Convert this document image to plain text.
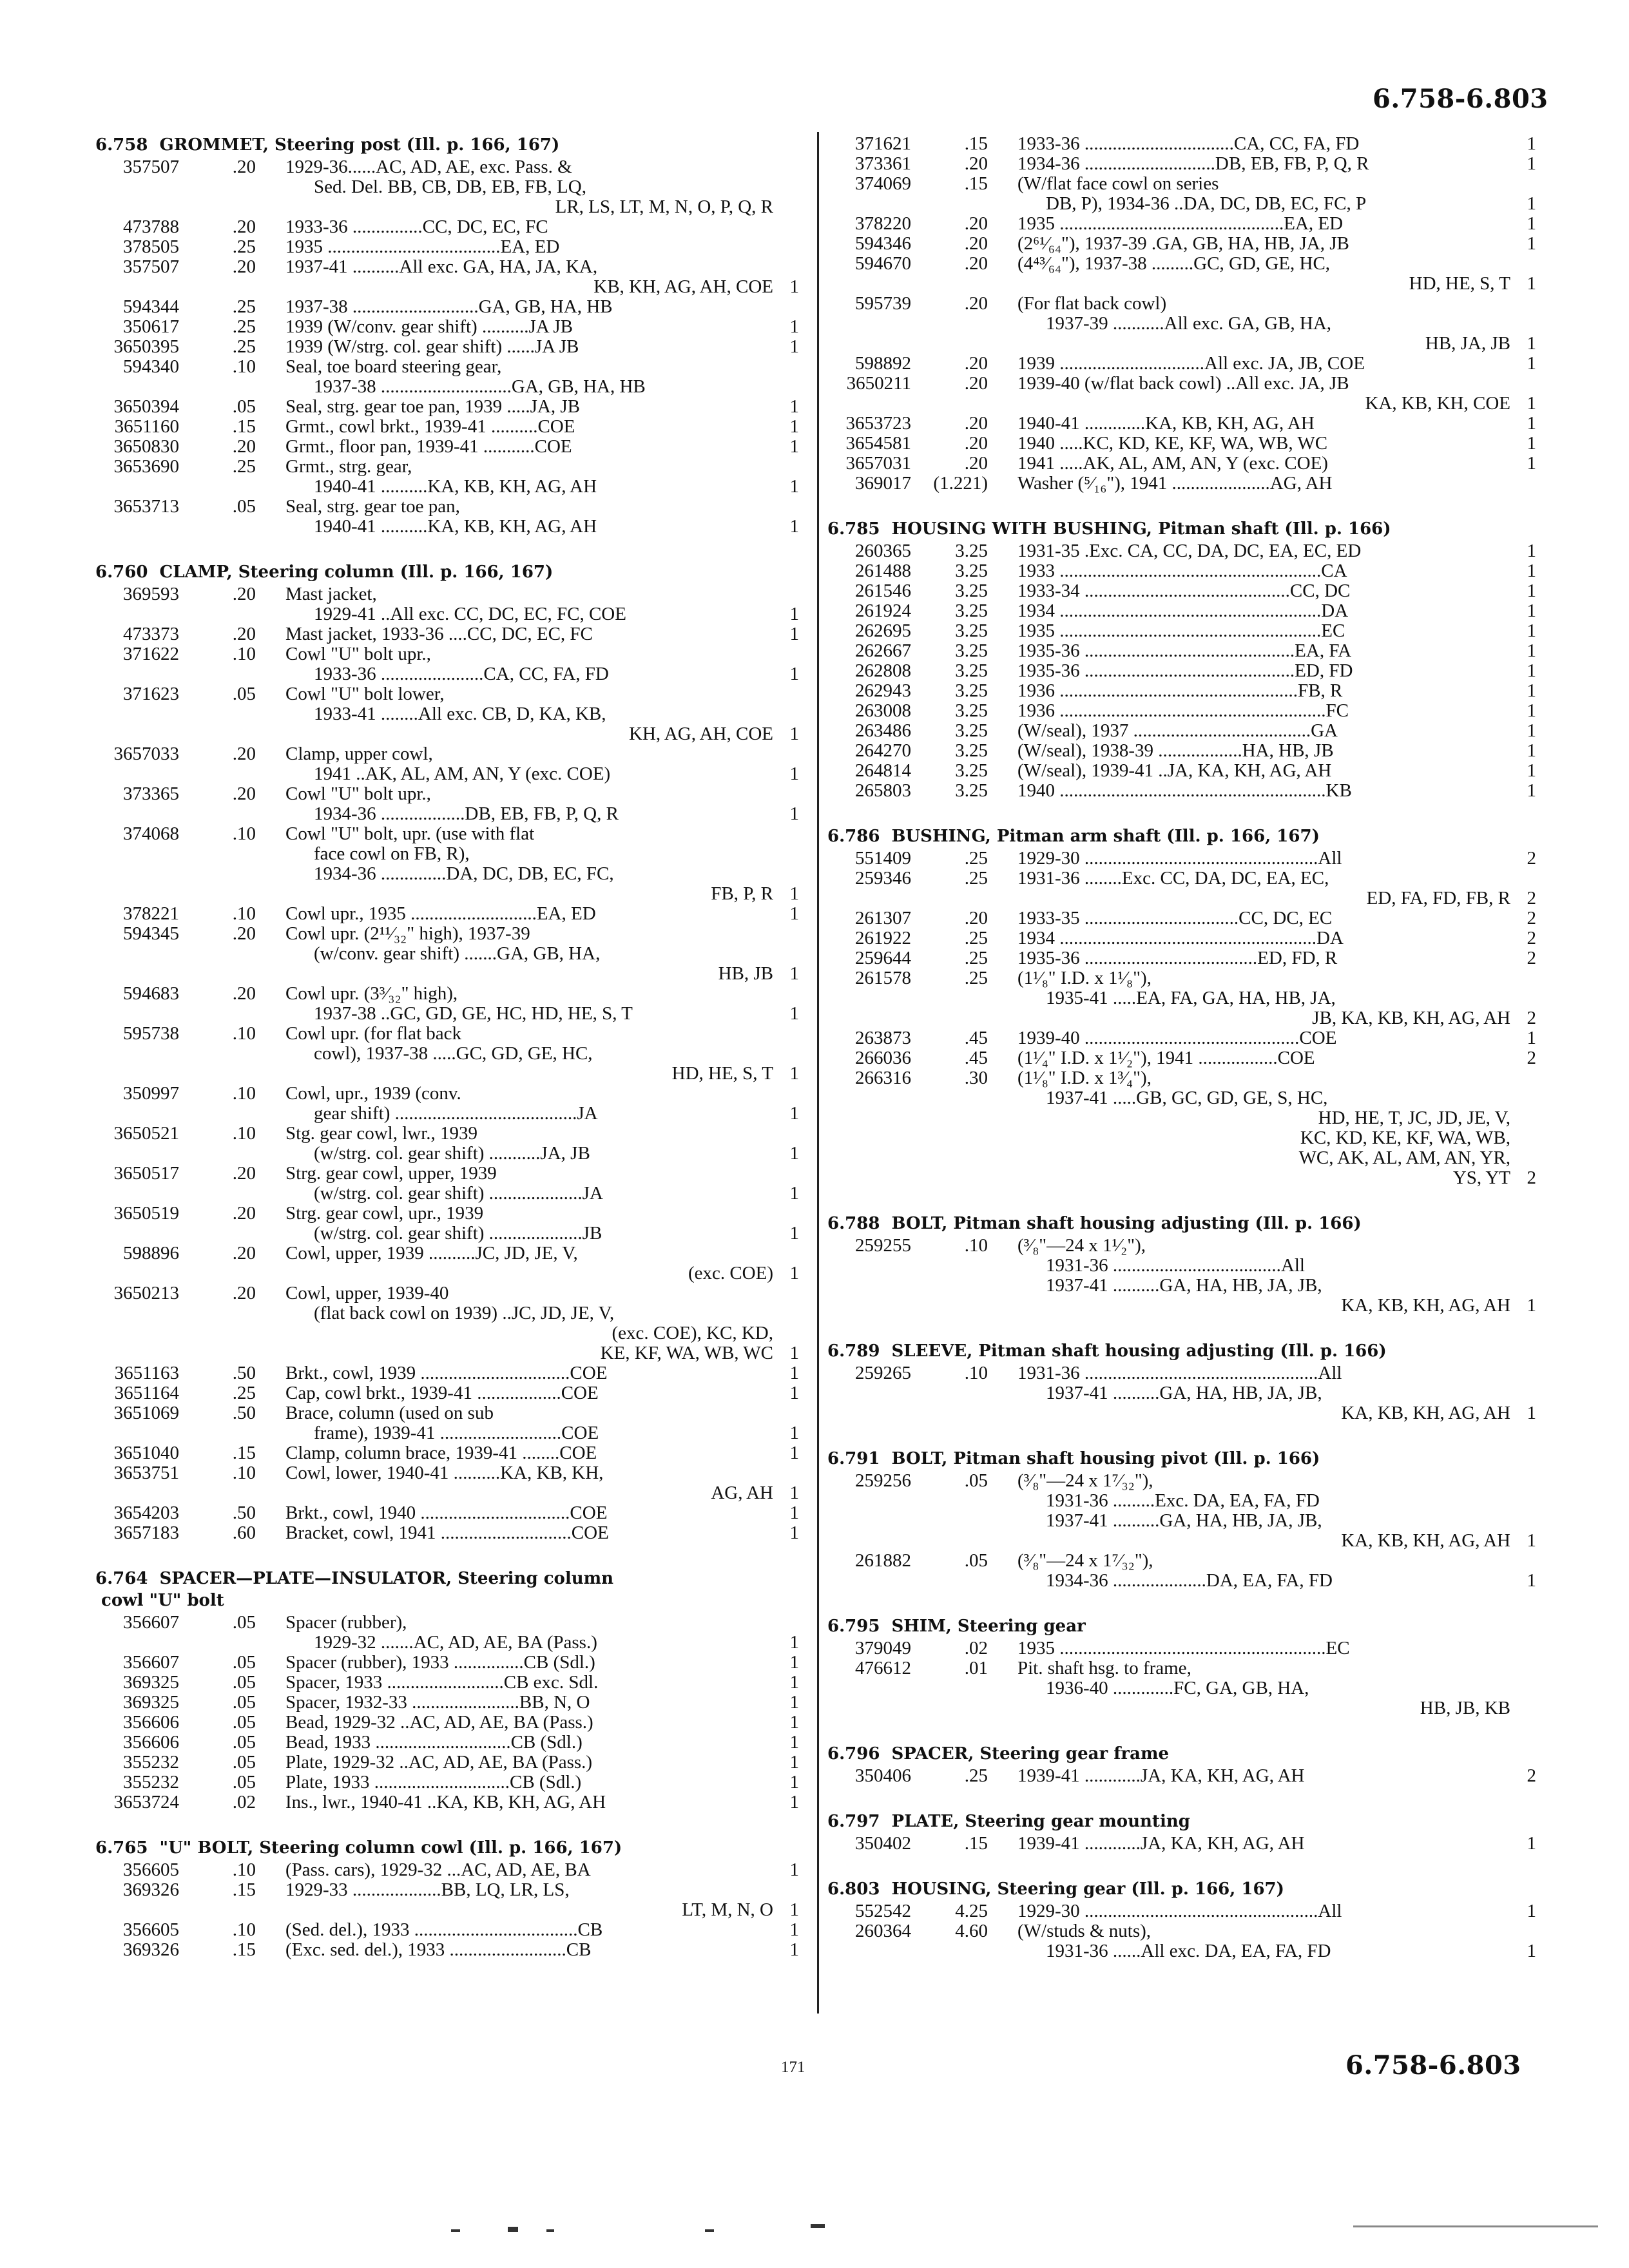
6.758-6.803
6.758  GROMMET, Steering post (Ill. p. 166, 167)
357507	.20	1929-36......AC, AD, AE, exc. Pass. &
Sed. Del. BB, CB, DB, EB, FB, LQ,
LR, LS, LT, M, N, O, P, Q, R
473788	.20	1933-36 ...............CC, DC, EC, FC
378505	.25	1935 .....................................EA, ED
357507	.20	1937-41 ..........All exc. GA, HA, JA, KA,
KB, KH, AG, AH, COE 1
594344	.25	1937-38 ...........................GA, GB, HA, HB
350617	.25	1939 (W/conv. gear shift) ..........JA JB	1
3650395	.25	1939 (W/strg. col. gear shift) ......JA JB	1
594340	.10	Seal, toe board steering gear,
1937-38 ............................GA, GB, HA, HB
3650394	.05	Seal, strg. gear toe pan, 1939 .....JA, JB	1
3651160	.15	Grmt., cowl brkt., 1939-41 ..........COE	1
3650830	.20	Grmt., floor pan, 1939-41 ...........COE	1
3653690	.25	Grmt., strg. gear,
1940-41 ..........KA, KB, KH, AG, AH	1
3653713	.05	Seal, strg. gear toe pan,
1940-41 ..........KA, KB, KH, AG, AH	1
6.760  CLAMP, Steering column (Ill. p. 166, 167)
369593	.20	Mast jacket,
1929-41 ..All exc. CC, DC, EC, FC, COE	1
473373	.20	Mast jacket, 1933-36 ....CC, DC, EC, FC	1
371622	.10	Cowl "U" bolt upr.,
1933-36 ......................CA, CC, FA, FD	1
371623	.05	Cowl "U" bolt lower,
1933-41 ........All exc. CB, D, KA, KB,
KH, AG, AH, COE 1
3657033	.20	Clamp, upper cowl,
1941 ..AK, AL, AM, AN, Y (exc. COE)	1
373365	.20	Cowl "U" bolt upr.,
1934-36 ..................DB, EB, FB, P, Q, R	1
374068	.10	Cowl "U" bolt, upr. (use with flat
face cowl on FB, R),
1934-36 ..............DA, DC, DB, EC, FC,
FB, P, R 1
378221	.10	Cowl upr., 1935 ...........................EA, ED	1
594345	.20	Cowl upr. (2¹¹⁄₃₂" high), 1937-39
(w/conv. gear shift) .......GA, GB, HA,
HB, JB 1
594683	.20	Cowl upr. (3³⁄₃₂" high),
1937-38 ..GC, GD, GE, HC, HD, HE, S, T	1
595738	.10	Cowl upr. (for flat back
cowl), 1937-38 .....GC, GD, GE, HC,
HD, HE, S, T 1
350997	.10	Cowl, upr., 1939 (conv.
gear shift) .......................................JA	1
3650521	.10	Stg. gear cowl, lwr., 1939
(w/strg. col. gear shift) ...........JA, JB	1
3650517	.20	Strg. gear cowl, upper, 1939
(w/strg. col. gear shift) ....................JA	1
3650519	.20	Strg. gear cowl, upr., 1939
(w/strg. col. gear shift) ....................JB	1
598896	.20	Cowl, upper, 1939 ..........JC, JD, JE, V,
(exc. COE) 1
3650213	.20	Cowl, upper, 1939-40
(flat back cowl on 1939) ..JC, JD, JE, V,
(exc. COE), KC, KD,
KE, KF, WA, WB, WC 1
3651163	.50	Brkt., cowl, 1939 ................................COE	1
3651164	.25	Cap, cowl brkt., 1939-41 ..................COE	1
3651069	.50	Brace, column (used on sub
frame), 1939-41 ..........................COE	1
3651040	.15	Clamp, column brace, 1939-41 ........COE	1
3653751	.10	Cowl, lower, 1940-41 ..........KA, KB, KH,
AG, AH 1
3654203	.50	Brkt., cowl, 1940 ................................COE	1
3657183	.60	Bracket, cowl, 1941 ............................COE	1
6.764  SPACER—PLATE—INSULATOR, Steering column
cowl "U" bolt
356607	.05	Spacer (rubber),
1929-32 .......AC, AD, AE, BA (Pass.)	1
356607	.05	Spacer (rubber), 1933 ...............CB (Sdl.)	1
369325	.05	Spacer, 1933 .........................CB exc. Sdl.	1
369325	.05	Spacer, 1932-33 .......................BB, N, O	1
356606	.05	Bead, 1929-32 ..AC, AD, AE, BA (Pass.)	1
356606	.05	Bead, 1933 .............................CB (Sdl.)	1
355232	.05	Plate, 1929-32 ..AC, AD, AE, BA (Pass.)	1
355232	.05	Plate, 1933 .............................CB (Sdl.)	1
3653724	.02	Ins., lwr., 1940-41 ..KA, KB, KH, AG, AH	1
6.765  "U" BOLT, Steering column cowl (Ill. p. 166, 167)
356605	.10	(Pass. cars), 1929-32 ...AC, AD, AE, BA	1
369326	.15	1929-33 ...................BB, LQ, LR, LS,
LT, M, N, O 1
356605	.10	(Sed. del.), 1933 ...................................CB	1
369326	.15	(Exc. sed. del.), 1933 .........................CB	1
371621	.15	1933-36 ................................CA, CC, FA, FD	1
373361	.20	1934-36 ............................DB, EB, FB, P, Q, R	1
374069	.15	(W/flat face cowl on series
DB, P), 1934-36 ..DA, DC, DB, EC, FC, P	1
378220	.20	1935 ................................................EA, ED	1
594346	.20	(2⁶¹⁄₆₄"), 1937-39 .GA, GB, HA, HB, JA, JB	1
594670	.20	(4⁴³⁄₆₄"), 1937-38 .........GC, GD, GE, HC,
HD, HE, S, T 1
595739	.20	(For flat back cowl)
1937-39 ...........All exc. GA, GB, HA,
HB, JA, JB 1
598892	.20	1939 ...............................All exc. JA, JB, COE	1
3650211	.20	1939-40 (w/flat back cowl) ..All exc. JA, JB
KA, KB, KH, COE 1
3653723	.20	1940-41 .............KA, KB, KH, AG, AH	1
3654581	.20	1940 .....KC, KD, KE, KF, WA, WB, WC	1
3657031	.20	1941 .....AK, AL, AM, AN, Y (exc. COE)	1
369017	(1.221)	Washer (⁵⁄₁₆"), 1941 .....................AG, AH
6.785  HOUSING WITH BUSHING, Pitman shaft (Ill. p. 166)
260365	3.25	1931-35 .Exc. CA, CC, DA, DC, EA, EC, ED	1
261488	3.25	1933 ........................................................CA	1
261546	3.25	1933-34 ............................................CC, DC	1
261924	3.25	1934 ........................................................DA	1
262695	3.25	1935 ........................................................EC	1
262667	3.25	1935-36 .............................................EA, FA	1
262808	3.25	1935-36 .............................................ED, FD	1
262943	3.25	1936 ...................................................FB, R	1
263008	3.25	1936 .........................................................FC	1
263486	3.25	(W/seal), 1937 ......................................GA	1
264270	3.25	(W/seal), 1938-39 ..................HA, HB, JB	1
264814	3.25	(W/seal), 1939-41 ..JA, KA, KH, AG, AH	1
265803	3.25	1940 .........................................................KB	1
6.786  BUSHING, Pitman arm shaft (Ill. p. 166, 167)
551409	.25	1929-30 ..................................................All	2
259346	.25	1931-36 ........Exc. CC, DA, DC, EA, EC,
ED, FA, FD, FB, R 2
261307	.20	1933-35 .................................CC, DC, EC	2
261922	.25	1934 .......................................................DA	2
259644	.25	1935-36 .....................................ED, FD, R	2
261578	.25	(1¹⁄₈" I.D. x 1¹⁄₈"),
1935-41 .....EA, FA, GA, HA, HB, JA,
JB, KA, KB, KH, AG, AH 2
263873	.45	1939-40 ..............................................COE	1
266036	.45	(1¹⁄₄" I.D. x 1¹⁄₂"), 1941 .................COE	2
266316	.30	(1¹⁄₈" I.D. x 1³⁄₄"),
1937-41 .....GB, GC, GD, GE, S, HC,
HD, HE, T, JC, JD, JE, V,
KC, KD, KE, KF, WA, WB,
WC, AK, AL, AM, AN, YR,
YS, YT 2
6.788  BOLT, Pitman shaft housing adjusting (Ill. p. 166)
259255	.10	(³⁄₈"—24 x 1¹⁄₂"),
1931-36 ....................................All
1937-41 ..........GA, HA, HB, JA, JB,
KA, KB, KH, AG, AH 1
6.789  SLEEVE, Pitman shaft housing adjusting (Ill. p. 166)
259265	.10	1931-36 ..................................................All
1937-41 ..........GA, HA, HB, JA, JB,
KA, KB, KH, AG, AH 1
6.791  BOLT, Pitman shaft housing pivot (Ill. p. 166)
259256	.05	(³⁄₈"—24 x 1⁷⁄₃₂"),
1931-36 .........Exc. DA, EA, FA, FD
1937-41 ..........GA, HA, HB, JA, JB,
KA, KB, KH, AG, AH 1
261882	.05	(³⁄₈"—24 x 1⁷⁄₃₂"),
1934-36 ....................DA, EA, FA, FD	1
6.795  SHIM, Steering gear
379049	.02	1935 .........................................................EC
476612	.01	Pit. shaft hsg. to frame,
1936-40 .............FC, GA, GB, HA,
HB, JB, KB
6.796  SPACER, Steering gear frame
350406	.25	1939-41 ............JA, KA, KH, AG, AH	2
6.797  PLATE, Steering gear mounting
350402	.15	1939-41 ............JA, KA, KH, AG, AH	1
6.803  HOUSING, Steering gear (Ill. p. 166, 167)
552542	4.25	1929-30 ..................................................All	1
260364	4.60	(W/studs & nuts),
1931-36 ......All exc. DA, EA, FA, FD	1
171	6.758-6.803
